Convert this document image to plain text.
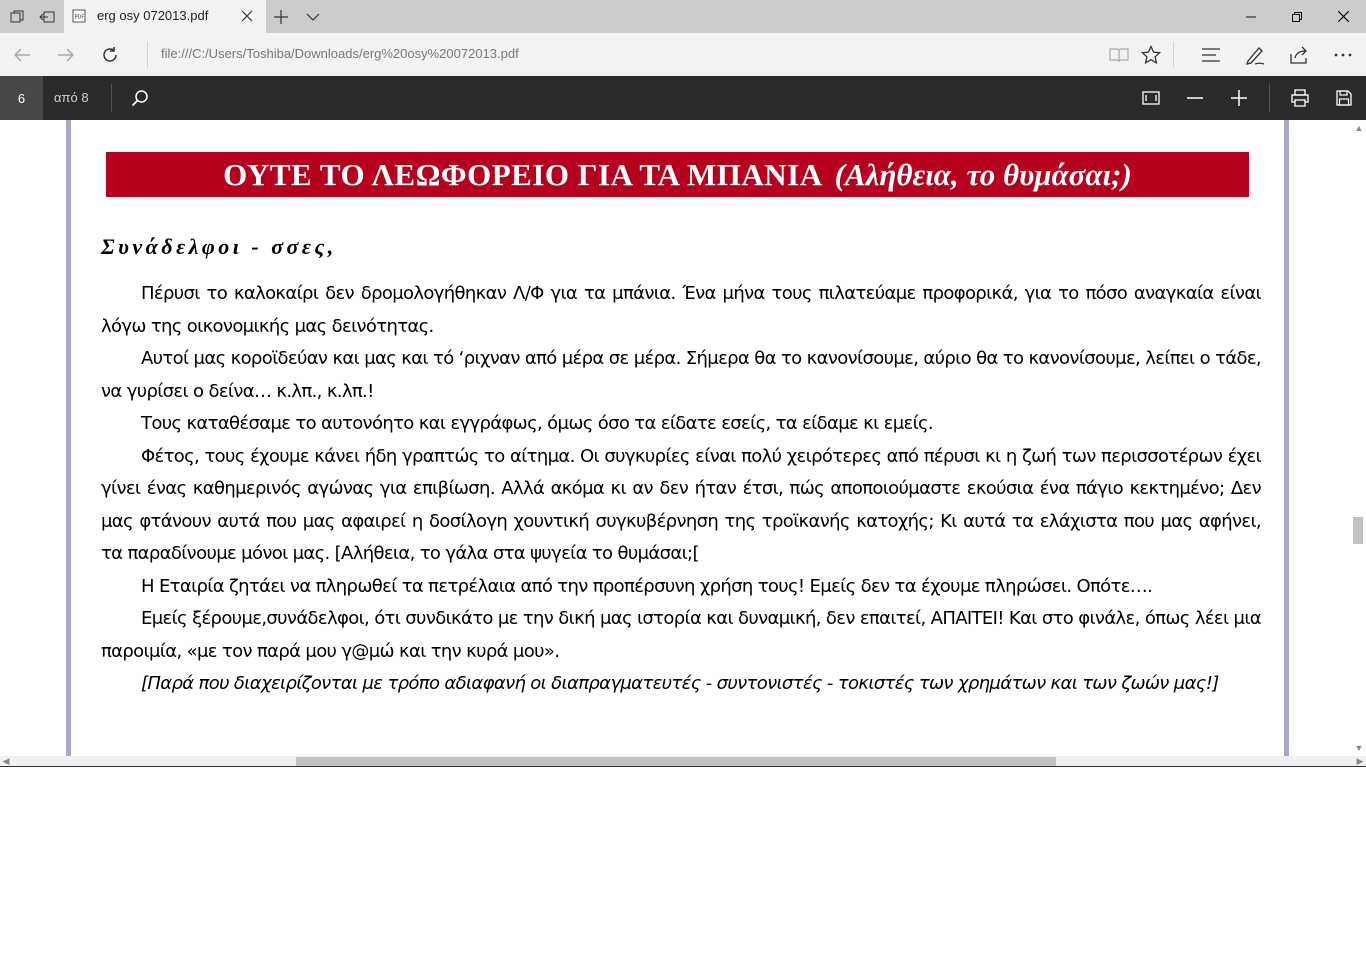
PDF erg osy 072013.pdf
file:///C:/Users/Toshiba/Downloads/erg%20osy%20072013.pdf
6	από 8
ΟΥΤΕ ΤΟ ΛΕΩΦΟΡΕΙΟ ΓΙΑ ΤΑ ΜΠΑΝΙΑ (Αλήθεια, το θυμάσαι;)
Συνάδελφοι - σσες,

Πέρυσι το καλοκαίρι δεν δρομολογήθηκαν Λ/Φ για τα μπάνια. Ένα μήνα τους πιλατεύαμε προφορικά, για το πόσο αναγκαία είναι λόγω της οικονομικής μας δεινότητας.

Αυτοί μας κοροϊδεύαν και μας και τό ‘ριχναν από μέρα σε μέρα. Σήμερα θα το κανονίσουμε, αύριο θα το κανονίσουμε, λείπει ο τάδε, να γυρίσει ο δείνα… κ.λπ., κ.λπ.!

Τους καταθέσαμε το αυτονόητο και εγγράφως, όμως όσο τα είδατε εσείς, τα είδαμε κι εμείς.

Φέτος, τους έχουμε κάνει ήδη γραπτώς το αίτημα. Οι συγκυρίες είναι πολύ χειρότερες από πέρυσι κι η ζωή των περισσοτέρων έχει γίνει ένας καθημερινός αγώνας για επιβίωση. Αλλά ακόμα κι αν δεν ήταν έτσι, πώς αποποιούμαστε εκούσια ένα πάγιο κεκτημένο; Δεν μας φτάνουν αυτά που μας αφαιρεί η δοσίλογη χουντική συγκυβέρνηση της τροϊκανής κατοχής; Κι αυτά τα ελάχιστα που μας αφήνει, τα παραδίνουμε μόνοι μας. [Αλήθεια, το γάλα στα ψυγεία το θυμάσαι;[

Η Εταιρία ζητάει να πληρωθεί τα πετρέλαια από την προπέρσυνη χρήση τους! Εμείς δεν τα έχουμε πληρώσει. Οπότε….

Εμείς ξέρουμε,συνάδελφοι, ότι συνδικάτο με την δική μας ιστορία και δυναμική, δεν επαιτεί, ΑΠΑΙΤΕΙ! Και στο φινάλε, όπως λέει μια παροιμία, «με τον παρά μου γ@μώ και την κυρά μου».

[Παρά που διαχειρίζονται με τρόπο αδιαφανή οι διαπραγματευτές - συντονιστές - τοκιστές των χρημάτων και των ζωών μας!]

▲
▼
◀	▶
